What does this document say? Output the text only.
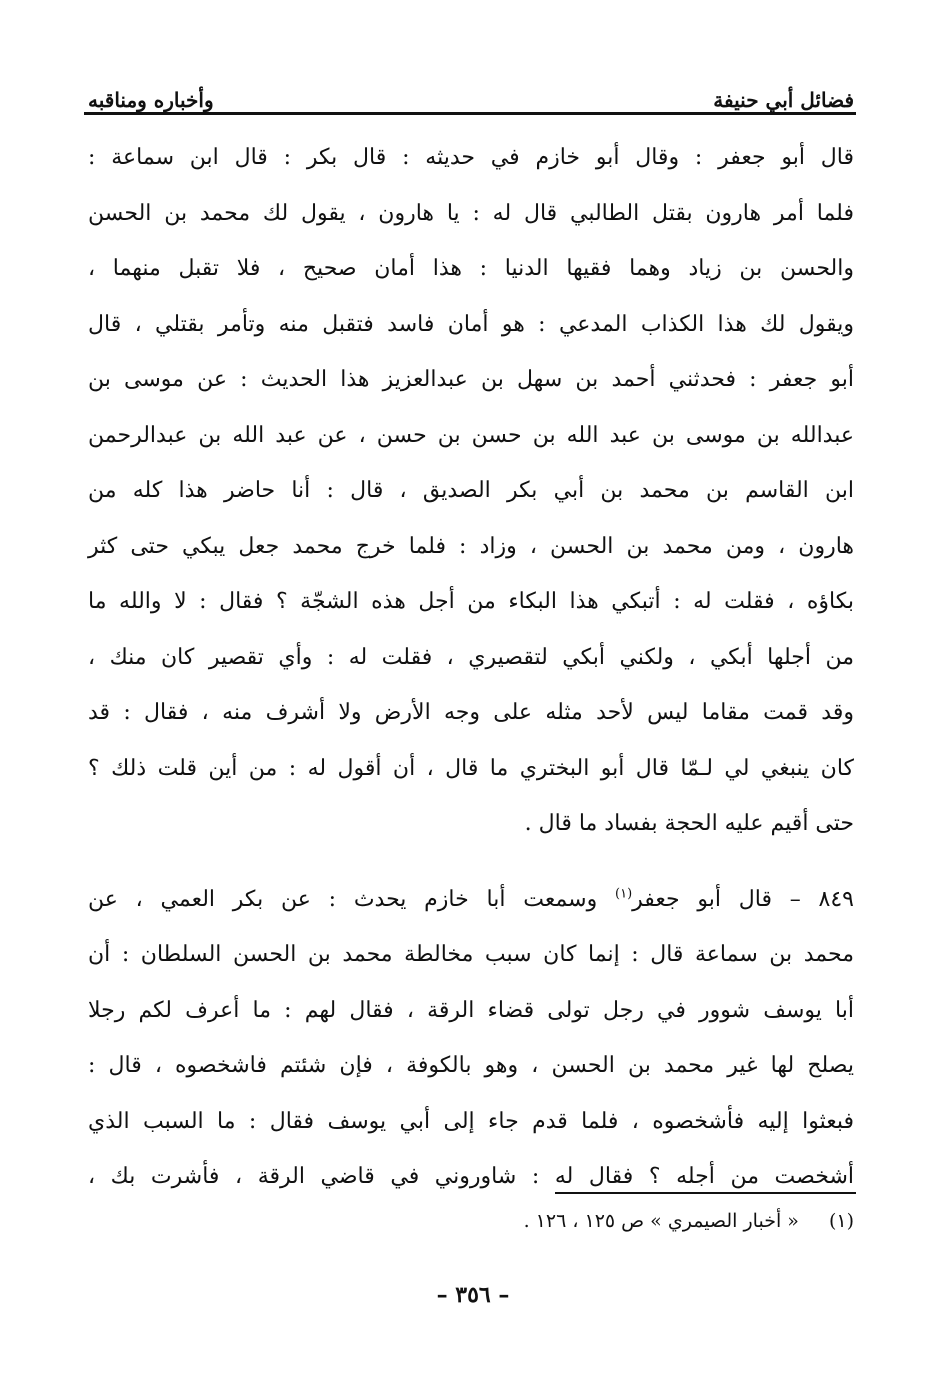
فضائل أبي حنيفة
وأخباره ومناقبه
قال أبو جعفر : وقال أبو خازم في حديثه : قال بكر : قال ابن سماعة :
فلما أمر هارون بقتل الطالبي قال له : يا هارون ، يقول لك محمد بن الحسن
والحسن بن زياد وهما فقيها الدنيا : هذا أمان صحيح ، فلا تقبل منهما ،
ويقول لك هذا الكذاب المدعي : هو أمان فاسد فتقبل منه وتأمر بقتلي ، قال
أبو جعفر : فحدثني أحمد بن سهل بن عبدالعزيز هذا الحديث : عن موسى بن
عبدالله بن موسى بن عبد الله بن حسن بن حسن ، عن عبد الله بن عبدالرحمن
ابن القاسم بن محمد بن أبي بكر الصديق ، قال : أنا حاضر هذا كله من
هارون ، ومن محمد بن الحسن ، وزاد : فلما خرج محمد جعل يبكي حتى كثر
بكاؤه ، فقلت له : أتبكي هذا البكاء من أجل هذه الشجّة ؟ فقال : لا والله ما
من أجلها أبكي ، ولكني أبكي لتقصيري ، فقلت له : وأي تقصير كان منك ،
وقد قمت مقاما ليس لأحد مثله على وجه الأرض ولا أشرف منه ، فقال : قد
كان ينبغي لي لـمّا قال أبو البختري ما قال ، أن أقول له : من أين قلت ذلك ؟
حتى أقيم عليه الحجة بفساد ما قال .
٨٤٩ – قال أبو جعفر$^{(١)}$ وسمعت أبا خازم يحدث : عن بكر العمي ، عن
محمد بن سماعة قال : إنما كان سبب مخالطة محمد بن الحسن السلطان : أن
أبا يوسف شوور في رجل تولى قضاء الرقة ، فقال لهم : ما أعرف لكم رجلا
يصلح لها غير محمد بن الحسن ، وهو بالكوفة ، فإن شئتم فاشخصوه ، قال :
فبعثوا إليه فأشخصوه ، فلما قدم جاء إلى أبي يوسف فقال : ما السبب الذي
أشخصت من أجله ؟ فقال له : شاوروني في قاضي الرقة ، فأشرت بك ،
(١) « أخبار الصيمري » ص ١٢٥ ، ١٢٦ .
– ٣٥٦ –
